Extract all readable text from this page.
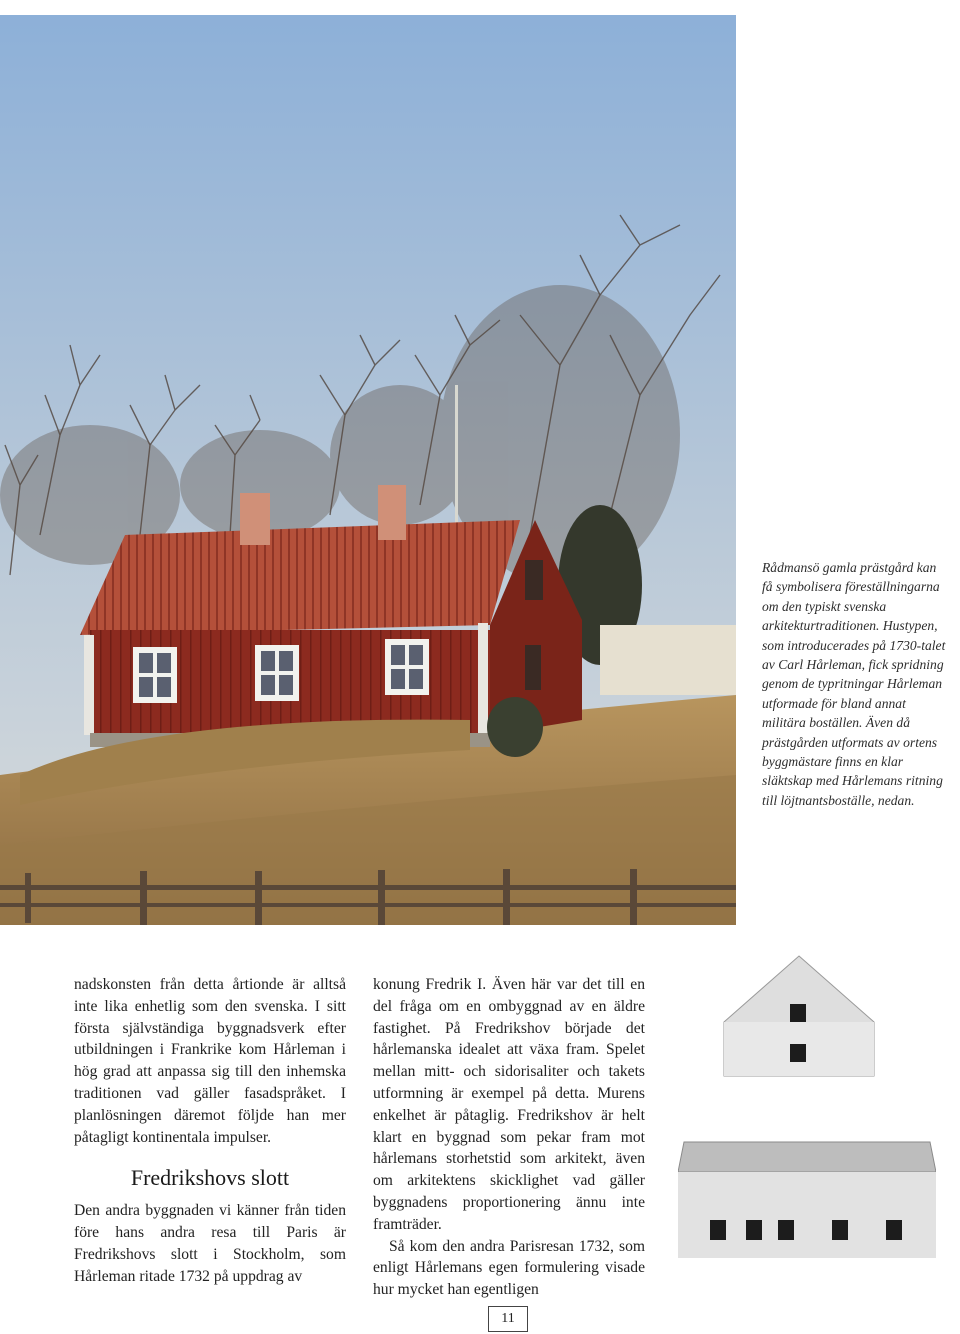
Rådmansö gamla prästgård kan få symbolisera föreställningarna om den typiskt svenska arkitekturtraditionen. Hustypen, som introducerades på 1730-talet av Carl Hårleman, fick spridning genom de typritningar Hårleman utformade för bland annat militära boställen. Även då prästgården utformats av ortens byggmästare finns en klar släktskap med Hårlemans ritning till löjtnantsboställe, nedan.

nadskonsten från detta årtionde är alltså inte lika enhetlig som den svenska. I sitt första självständiga byggnadsverk efter utbildningen i Frankrike kom Hårleman i hög grad att anpassa sig till den inhemska traditionen vad gäller fasadspråket. I planlösningen däremot följde han mer påtagligt kontinentala impulser.

Fredrikshovs slott

Den andra byggnaden vi känner från tiden före hans andra resa till Paris är Fredrikshovs slott i Stockholm, som Hårleman ritade 1732 på uppdrag av

konung Fredrik I. Även här var det till en del fråga om en ombyggnad av en äldre fastighet. På Fredrikshov började det hårlemanska idealet att växa fram. Spelet mellan mitt- och sidorisaliter och takets utformning är exempel på detta. Murens enkelhet är påtaglig. Fredrikshov är helt klart en byggnad som pekar fram mot hårlemans storhetstid som arkitekt, även om arkitektens skicklighet vad gäller byggnadens proportionering ännu inte framträder.

Så kom den andra Parisresan 1732, som enligt Hårlemans egen formulering visade hur mycket han egentligen

11
